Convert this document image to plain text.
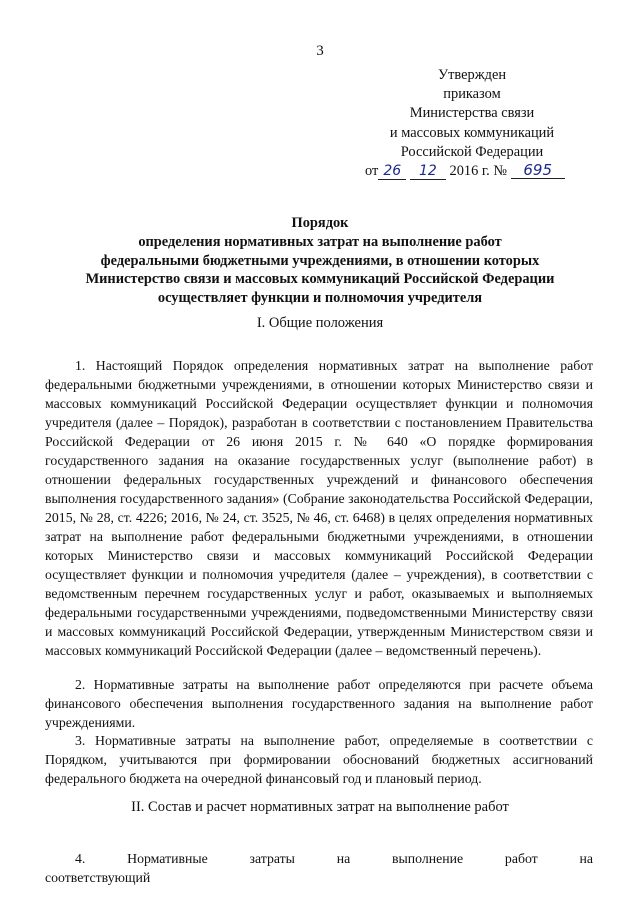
3
Утвержден
приказом
Министерства связи
и массовых коммуникаций
Российской Федерации
от 26 12 2016 г. № 695
Порядок
определения нормативных затрат на выполнение работ
федеральными бюджетными учреждениями, в отношении которых
Министерство связи и массовых коммуникаций Российской Федерации
осуществляет функции и полномочия учредителя
I. Общие положения

1. Настоящий Порядок определения нормативных затрат на выполнение работ федеральными бюджетными учреждениями, в отношении которых Министерство связи и массовых коммуникаций Российской Федерации осуществляет функции и полномочия учредителя (далее – Порядок), разработан в соответствии с постановлением Правительства Российской Федерации от 26 июня 2015 г. № 640 «О порядке формирования государственного задания на оказание государственных услуг (выполнение работ) в отношении федеральных государственных учреждений и финансового обеспечения выполнения государственного задания» (Собрание законодательства Российской Федерации, 2015, № 28, ст. 4226; 2016, № 24, ст. 3525, № 46, ст. 6468) в целях определения нормативных затрат на выполнение работ федеральными бюджетными учреждениями, в отношении которых Министерство связи и массовых коммуникаций Российской Федерации осуществляет функции и полномочия учредителя (далее – учреждения), в соответствии с ведомственным перечнем государственных услуг и работ, оказываемых и выполняемых федеральными государственными учреждениями, подведомственными Министерству связи и массовых коммуникаций Российской Федерации, утвержденным Министерством связи и массовых коммуникаций Российской Федерации (далее – ведомственный перечень).

2. Нормативные затраты на выполнение работ определяются при расчете объема финансового обеспечения выполнения государственного задания на выполнение работ учреждениями.

3. Нормативные затраты на выполнение работ, определяемые в соответствии с Порядком, учитываются при формировании обоснований бюджетных ассигнований федерального бюджета на очередной финансовый год и плановый период.

II. Состав и расчет нормативных затрат на выполнение работ

4. Нормативные затраты на выполнение работ на соответствующий
